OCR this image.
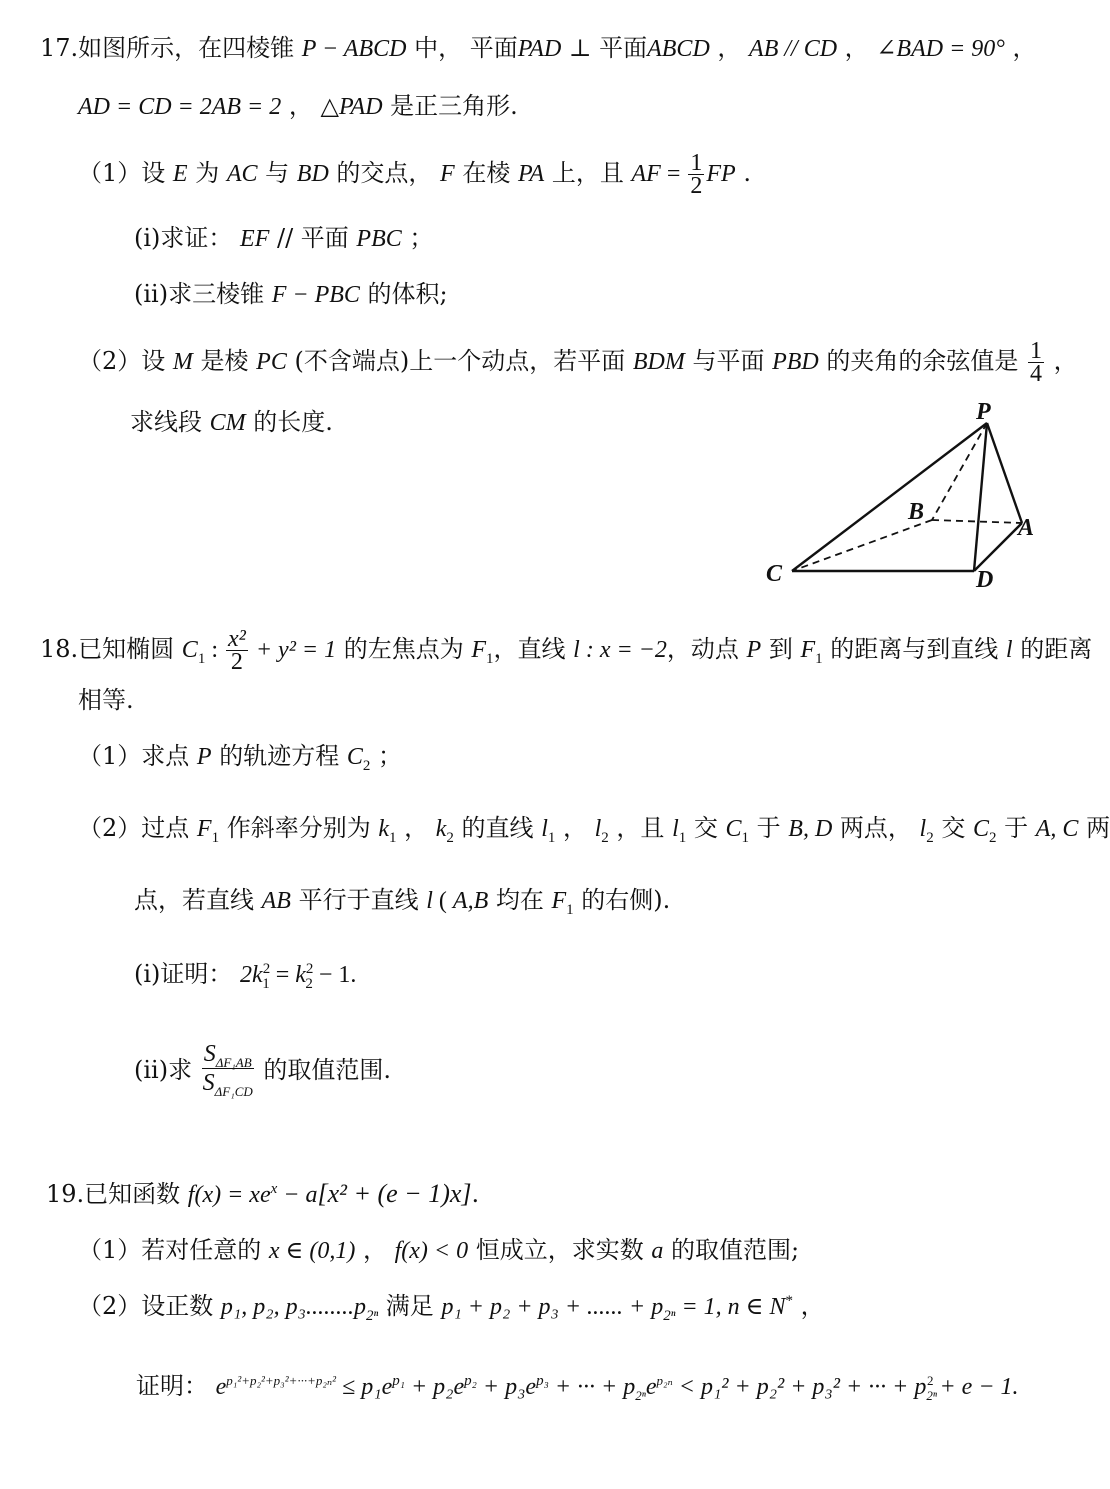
17.如图所示，在四棱锥 P − ABCD 中， 平面PAD ⊥ 平面ABCD ， AB // CD ， ∠BAD = 90° ，
AD = CD = 2AB = 2 ， △PAD 是正三角形.
（1）设 E 为 AC 与 BD 的交点， F 在棱 PA 上，且 AF = $\frac{1}{2}$ FP .
(i)求证： EF // 平面 PBC ；
(ii)求三棱锥 F − PBC 的体积;
（2）设 M 是棱 PC (不含端点)上一个动点，若平面 BDM 与平面 PBD 的夹角的余弦值是 $\frac{1}{4}$ ，
求线段 CM 的长度.	P
B
A
C	D
18.已知椭圆 $C_1$ : $\frac{\text{x²}}{2} + y^2 = 1$ 的左焦点为 $F_1$，直线 l : x = −2，动点 P 到 $F_1$ 的距离与到直线 l 的距离
相等.
（1）求点 P 的轨迹方程 $C_2$ ；
（2）过点 $F_1$ 作斜率分别为 $k_1$ ， $k_2$ 的直线 $l_1$ ， $l_2$ ，且 $l_1$ 交 $C_1$ 于 B, D 两点， $l_2$ 交 $C_2$ 于 A, C 两
点，若直线 AB 平行于直线 l ( A,B 均在 $F_1$ 的右侧).
(i)证明： $2k^2_1 = k^2_2 - 1$.
(ii)求 $\frac{S_{\Delta F_1AB}}{S_{\Delta F_1CD}}$ 的取值范围.
19.已知函数 $f(x) = xe^x - a[x^2 + (e - 1)x]$.
（1）若对任意的 x ∈ (0,1) ， f(x) < 0 恒成立，求实数 a 的取值范围;
（2）设正数 p₁, p₂, $p_3........p_{2^n}$ 满足 p₁ + p₂ + p₃ + ...... + $p_{2^n} = 1$, n ∈ N* ，
证明： $e^{p_1^2+p_2^2+p_3^2+\cdot\cdot\cdot+p_{2n}^2} \le p_1e^{p_1} + p_2e^{p_2} + p_3e^{p_3}$ + ··· + $p_{2^n}e^{p_{2n}} < p_1^2 + p_2^2 + p_3^2$ + ··· + $p_{2^n}^2 + e - 1$.
